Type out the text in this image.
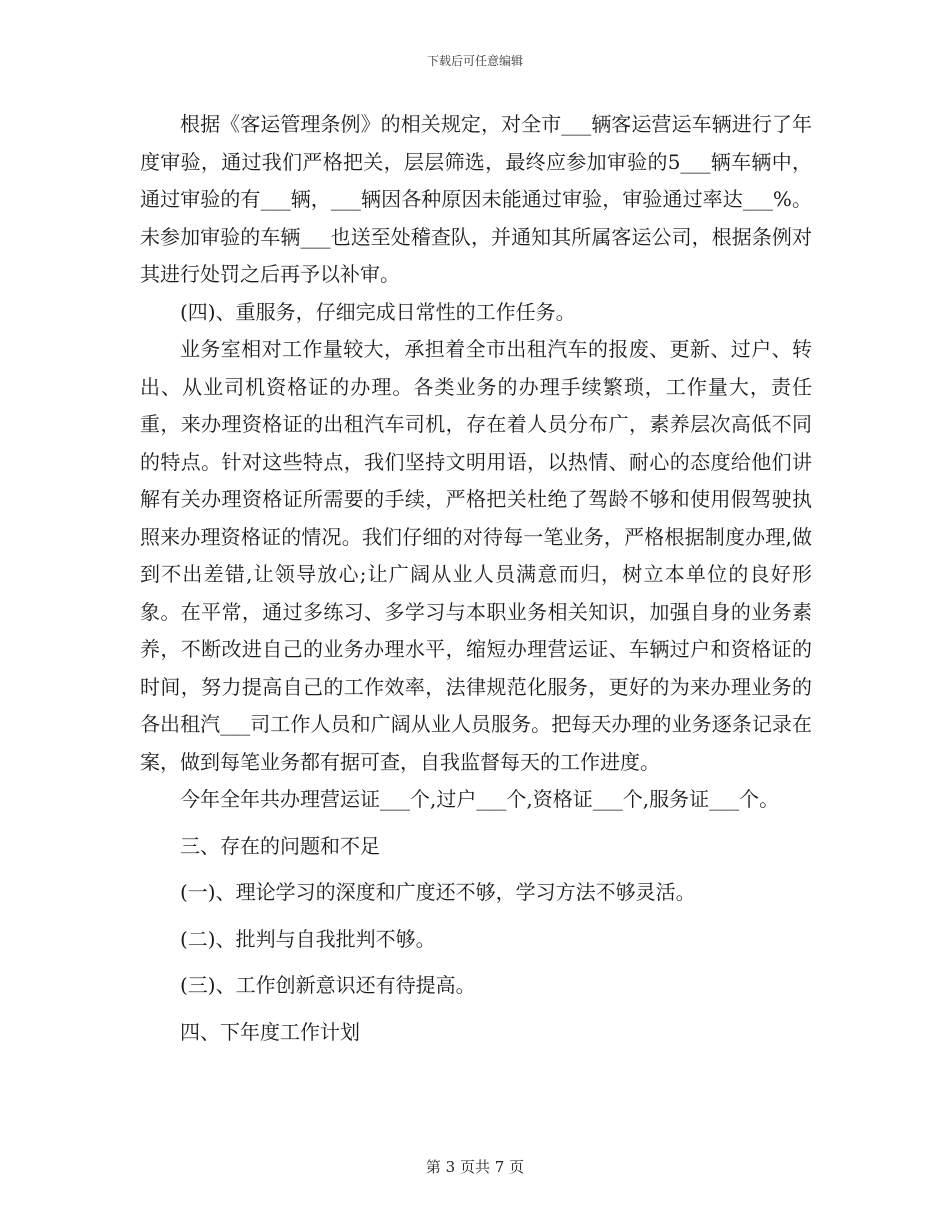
下载后可任意编辑

根据《客运管理条例》的相关规定，对全市___辆客运营运车辆进行了年度审验，通过我们严格把关，层层筛选，最终应参加审验的5___辆车辆中，通过审验的有___辆，___辆因各种原因未能通过审验，审验通过率达___%。未参加审验的车辆___也送至处稽查队，并通知其所属客运公司，根据条例对其进行处罚之后再予以补审。

(四)、重服务，仔细完成日常性的工作任务。

业务室相对工作量较大，承担着全市出租汽车的报废、更新、过户、转出、从业司机资格证的办理。各类业务的办理手续繁琐，工作量大，责任重，来办理资格证的出租汽车司机，存在着人员分布广，素养层次高低不同的特点。针对这些特点，我们坚持文明用语，以热情、耐心的态度给他们讲解有关办理资格证所需要的手续，严格把关杜绝了驾龄不够和使用假驾驶执照来办理资格证的情况。我们仔细的对待每一笔业务，严格根据制度办理,做到不出差错,让领导放心;让广阔从业人员满意而归，树立本单位的良好形象。在平常，通过多练习、多学习与本职业务相关知识，加强自身的业务素养，不断改进自己的业务办理水平，缩短办理营运证、车辆过户和资格证的时间，努力提高自己的工作效率，法律规范化服务，更好的为来办理业务的各出租汽___司工作人员和广阔从业人员服务。把每天办理的业务逐条记录在案，做到每笔业务都有据可查，自我监督每天的工作进度。

今年全年共办理营运证___个,过户___个,资格证___个,服务证___个。

三、存在的问题和不足

(一)、理论学习的深度和广度还不够，学习方法不够灵活。

(二)、批判与自我批判不够。

(三)、工作创新意识还有待提高。

四、下年度工作计划

第 3 页共 7 页
